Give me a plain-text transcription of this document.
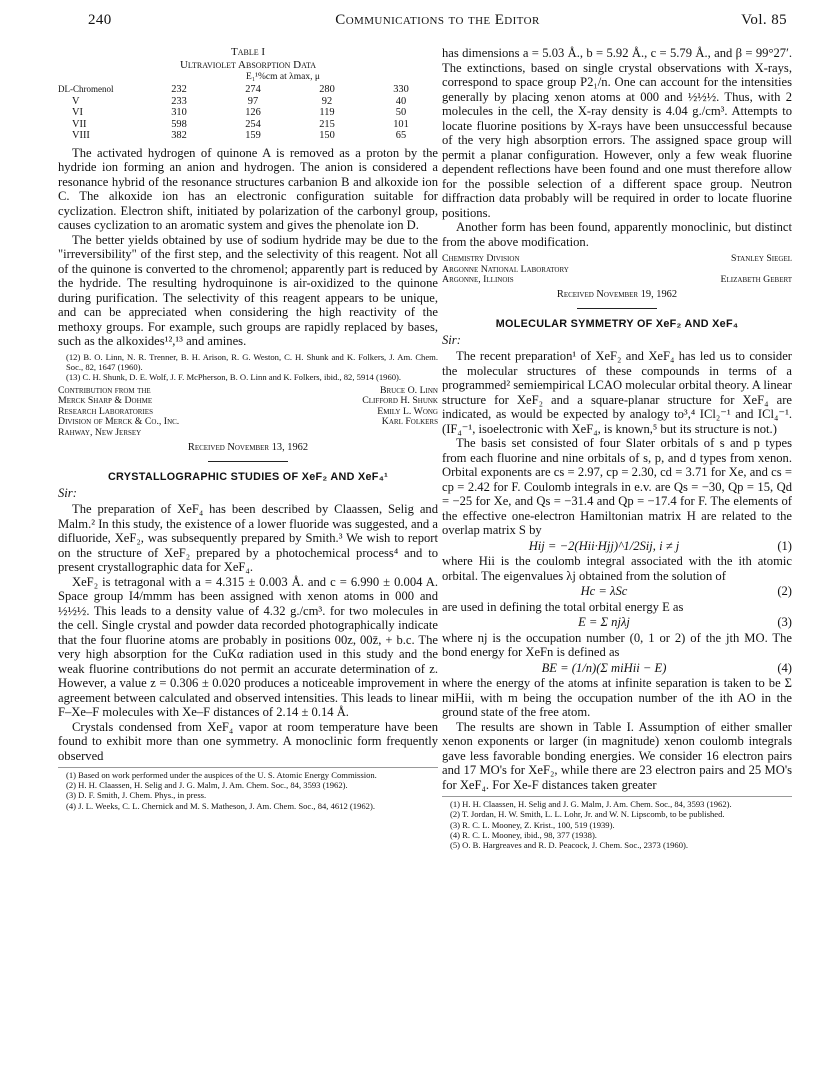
240	Communications to the Editor	Vol. 85
Table I
Ultraviolet Absorption Data
E₁¹%cm at λmax, μ
DL-Chromenol	232	274	280	330
V	233	97	92	40
VI	310	126	119	50
VII	598	254	215	101
VIII	382	159	150	65

The activated hydrogen of quinone A is removed as a proton by the hydride ion forming an anion and hydrogen. The anion is considered a resonance hybrid of the resonance structures carbanion B and alkoxide ion C. The alkoxide ion has an electronic configuration suitable for cyclization. Electron shift, initiated by polarization of the carbonyl group, causes cyclization to an aromatic system and gives the phenolate ion D.

The better yields obtained by use of sodium hydride may be due to the "irreversibility" of the first step, and the selectivity of this reagent. Not all of the quinone is converted to the chromenol; apparently part is reduced by the hydride. The resulting hydroquinone is air-oxidized to the quinone during purification. The selectivity of this reagent appears to be unique, and can be appreciated when considering the high reactivity of the methoxy groups. For example, such groups are rapidly replaced by bases, such as the alkoxides¹²,¹³ and amines.

(12) B. O. Linn, N. R. Trenner, B. H. Arison, R. G. Weston, C. H. Shunk and K. Folkers, J. Am. Chem. Soc., 82, 1647 (1960).

(13) C. H. Shunk, D. E. Wolf, J. F. McPherson, B. O. Linn and K. Folkers, ibid., 82, 5914 (1960).

Contribution from the	Bruce O. Linn
Merck Sharp & Dohme	Clifford H. Shunk
Research Laboratories	Emily L. Wong
Division of Merck & Co., Inc.	Karl Folkers
Rahway, New Jersey
Received November 13, 1962
CRYSTALLOGRAPHIC STUDIES OF XeF₂ AND XeF₄¹
Sir:

The preparation of XeF₄ has been described by Claassen, Selig and Malm.² In this study, the existence of a lower fluoride was suggested, and a difluoride, XeF₂, was subsequently prepared by Smith.³ We wish to report on the structure of XeF₂ prepared by a photochemical process⁴ and to present crystallographic data for XeF₄.

XeF₂ is tetragonal with a = 4.315 ± 0.003 Å. and c = 6.990 ± 0.004 A. Space group I4/mmm has been assigned with xenon atoms in 000 and ½½½. This leads to a density value of 4.32 g./cm³. for two molecules in the cell. Single crystal and powder data recorded photographically indicate that the four fluorine atoms are probably in positions 00z, 00z̄, + b.c. The very high absorption for the CuKα radiation used in this study and the weak fluorine contributions do not permit an accurate determination of z. However, a value z = 0.306 ± 0.020 produces a noticeable improvement in agreement between calculated and observed intensities. This leads to linear F–Xe–F molecules with Xe–F distances of 2.14 ± 0.14 Å.

Crystals condensed from XeF₄ vapor at room temperature have been found to exhibit more than one symmetry. A monoclinic form frequently observed

(1) Based on work performed under the auspices of the U. S. Atomic Energy Commission.

(2) H. H. Claassen, H. Selig and J. G. Malm, J. Am. Chem. Soc., 84, 3593 (1962).

(3) D. F. Smith, J. Chem. Phys., in press.

(4) J. L. Weeks, C. L. Chernick and M. S. Matheson, J. Am. Chem. Soc., 84, 4612 (1962).

has dimensions a = 5.03 Å., b = 5.92 Å., c = 5.79 Å., and β = 99°27′. The extinctions, based on single crystal observations with X-rays, correspond to space group P2₁/n. One can account for the intensities generally by placing xenon atoms at 000 and ½½½. Thus, with 2 molecules in the cell, the X-ray density is 4.04 g./cm³. Attempts to locate fluorine positions by X-rays have been unsuccessful because of the very high absorption errors. The assigned space group will permit a planar configuration. However, only a few weak fluorine dependent reflections have been found and one must therefore allow for the possible selection of a different space group. Neutron diffraction data probably will be required in order to locate fluorine positions.

Another form has been found, apparently monoclinic, but distinct from the above modification.

Chemistry Division	Stanley Siegel
Argonne National Laboratory
Argonne, Illinois	Elizabeth Gebert
Received November 19, 1962
MOLECULAR SYMMETRY OF XeF₂ AND XeF₄
Sir:

The recent preparation¹ of XeF₂ and XeF₄ has led us to consider the molecular structures of these compounds in terms of a programmed² semiempirical LCAO molecular orbital theory. A linear structure for XeF₂ and a square-planar structure for XeF₄ are indicated, as would be expected by analogy to³,⁴ ICl₂⁻¹ and ICl₄⁻¹. (IF₄⁻¹, isoelectronic with XeF₄, is known,⁵ but its structure is not.)

The basis set consisted of four Slater orbitals of s and p types from each fluorine and nine orbitals of s, p, and d types from xenon. Orbital exponents are cs = 2.97, cp = 2.30, cd = 3.71 for Xe, and cs = cp = 2.42 for F. Coulomb integrals in e.v. are Qs = −30, Qp = 15, Qd = −25 for Xe, and Qs = −31.4 and Qp = −17.4 for F. The elements of the effective one-electron Hamiltonian matrix H are related to the overlap matrix S by

Hij = −2(Hii·Hjj)^1/2Sij, i ≠ j	(1)

where Hii is the coulomb integral associated with the ith atomic orbital. The eigenvalues λj obtained from the solution of

Hc = λSc	(2)

are used in defining the total orbital energy E as

E = Σ njλj	(3)

where nj is the occupation number (0, 1 or 2) of the jth MO. The bond energy for XeFn is defined as

BE = (1/n)(Σ miHii − E)	(4)

where the energy of the atoms at infinite separation is taken to be Σ miHii, with m being the occupation number of the ith AO in the ground state of the free atom.

The results are shown in Table I. Assumption of either smaller xenon exponents or larger (in magnitude) xenon coulomb integrals gave less favorable bonding energies. We consider 16 electron pairs and 17 MO's for XeF₂, while there are 23 electron pairs and 25 MO's for XeF₄. For Xe-F distances taken greater

(1) H. H. Claassen, H. Selig and J. G. Malm, J. Am. Chem. Soc., 84, 3593 (1962).

(2) T. Jordan, H. W. Smith, L. L. Lohr, Jr. and W. N. Lipscomb, to be published.

(3) R. C. L. Mooney, Z. Krist., 100, 519 (1939).

(4) R. C. L. Mooney, ibid., 98, 377 (1938).

(5) O. B. Hargreaves and R. D. Peacock, J. Chem. Soc., 2373 (1960).
